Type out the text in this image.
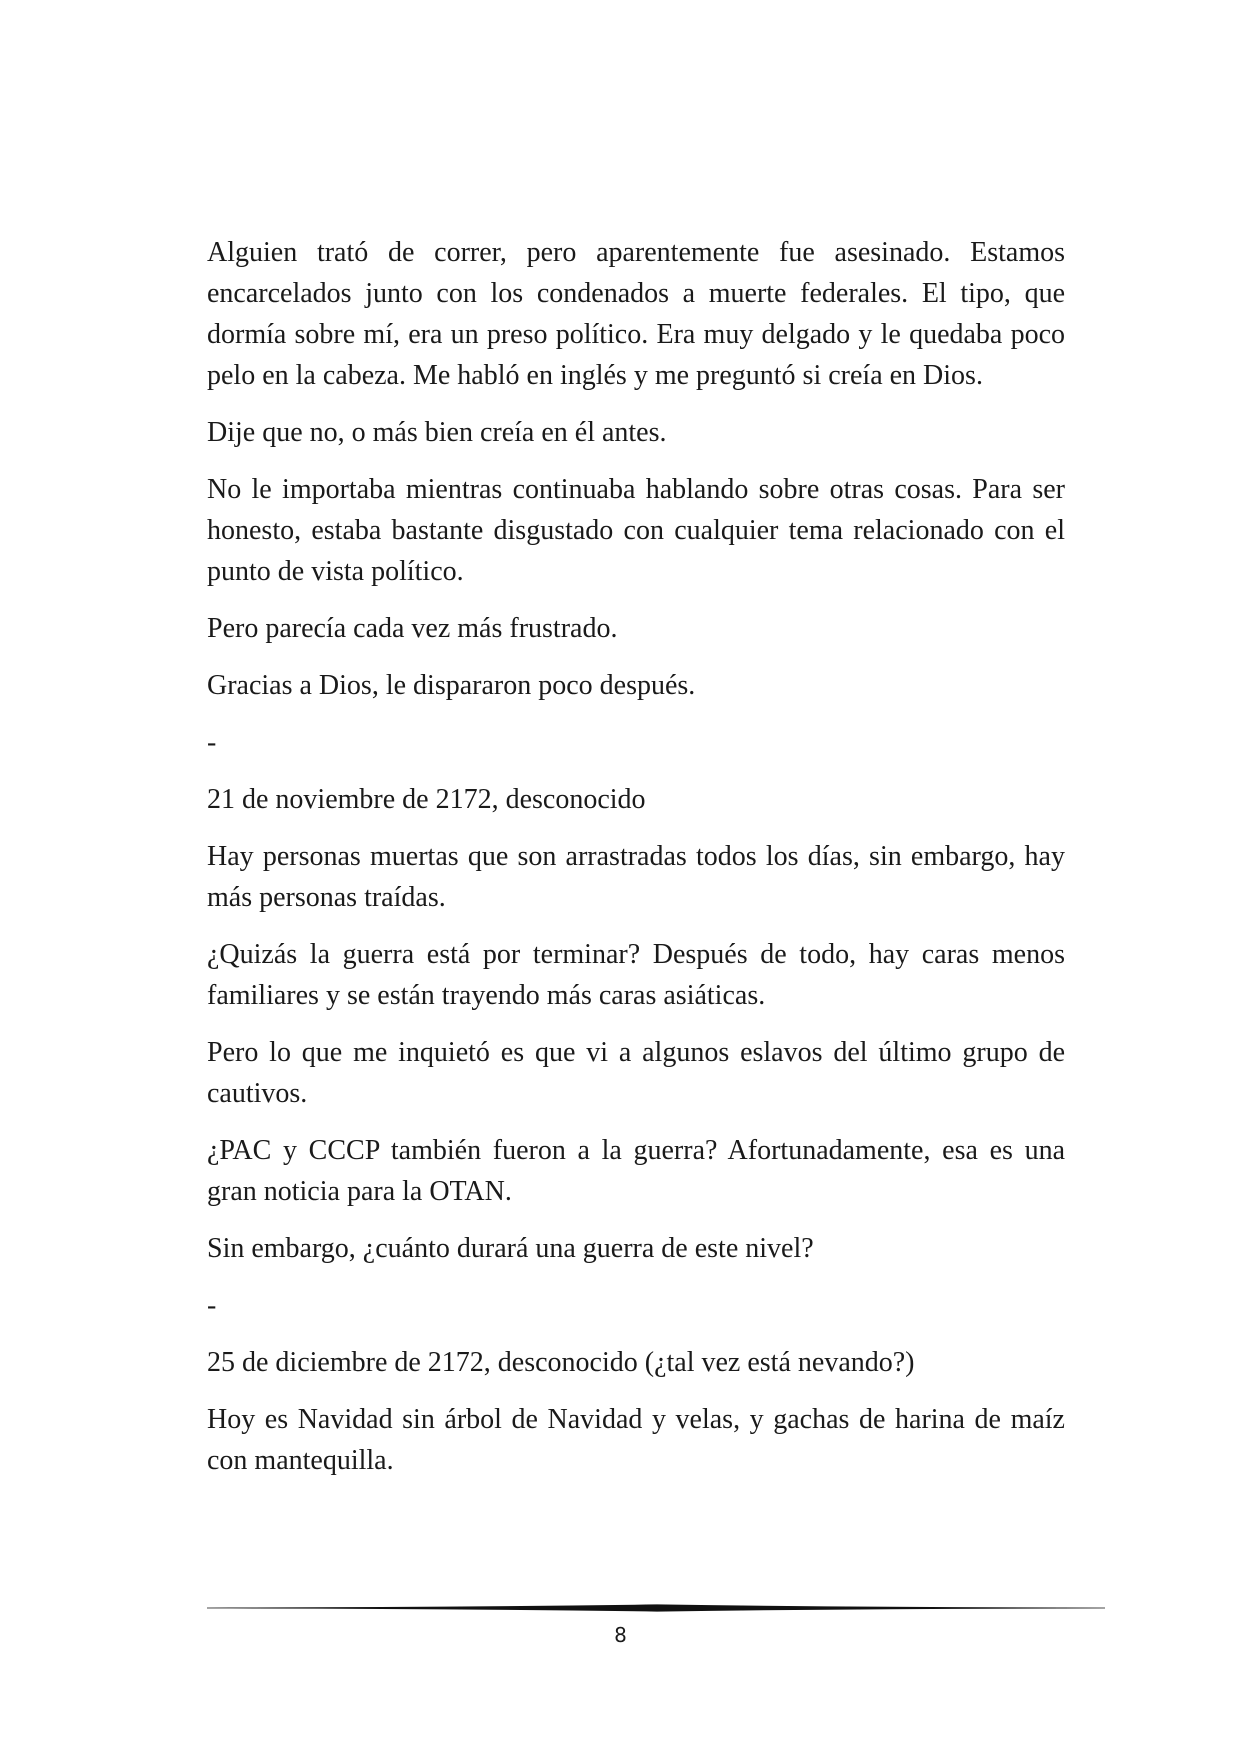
Alguien trató de correr, pero aparentemente fue asesinado. Estamos encarcelados junto con los condenados a muerte federales. El tipo, que dormía sobre mí, era un preso político. Era muy delgado y le quedaba poco pelo en la cabeza. Me habló en inglés y me preguntó si creía en Dios.

Dije que no, o más bien creía en él antes.

No le importaba mientras continuaba hablando sobre otras cosas. Para ser honesto, estaba bastante disgustado con cualquier tema relacionado con el punto de vista político.

Pero parecía cada vez más frustrado.

Gracias a Dios, le dispararon poco después.

-

21 de noviembre de 2172, desconocido

Hay personas muertas que son arrastradas todos los días, sin embargo, hay más personas traídas.

¿Quizás la guerra está por terminar? Después de todo, hay caras menos familiares y se están trayendo más caras asiáticas.

Pero lo que me inquietó es que vi a algunos eslavos del último grupo de cautivos.

¿PAC y CCCP también fueron a la guerra? Afortunadamente, esa es una gran noticia para la OTAN.

Sin embargo, ¿cuánto durará una guerra de este nivel?

-

25 de diciembre de 2172, desconocido (¿tal vez está nevando?)

Hoy es Navidad sin árbol de Navidad y velas, y gachas de harina de maíz con mantequilla.

8
